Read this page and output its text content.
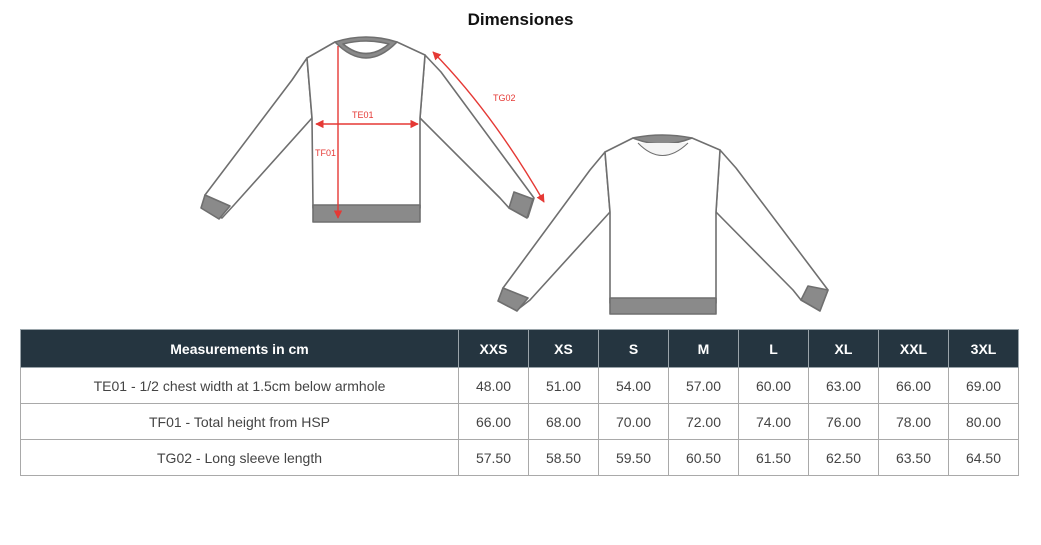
Dimensiones
TE01
TF01
TG02
Measurements in cm	XXS	XS	S	M	L	XL	XXL	3XL
TE01 - 1/2 chest width at 1.5cm below armhole	48.00	51.00	54.00	57.00	60.00	63.00	66.00	69.00
TF01 - Total height from HSP	66.00	68.00	70.00	72.00	74.00	76.00	78.00	80.00
TG02 - Long sleeve length	57.50	58.50	59.50	60.50	61.50	62.50	63.50	64.50
